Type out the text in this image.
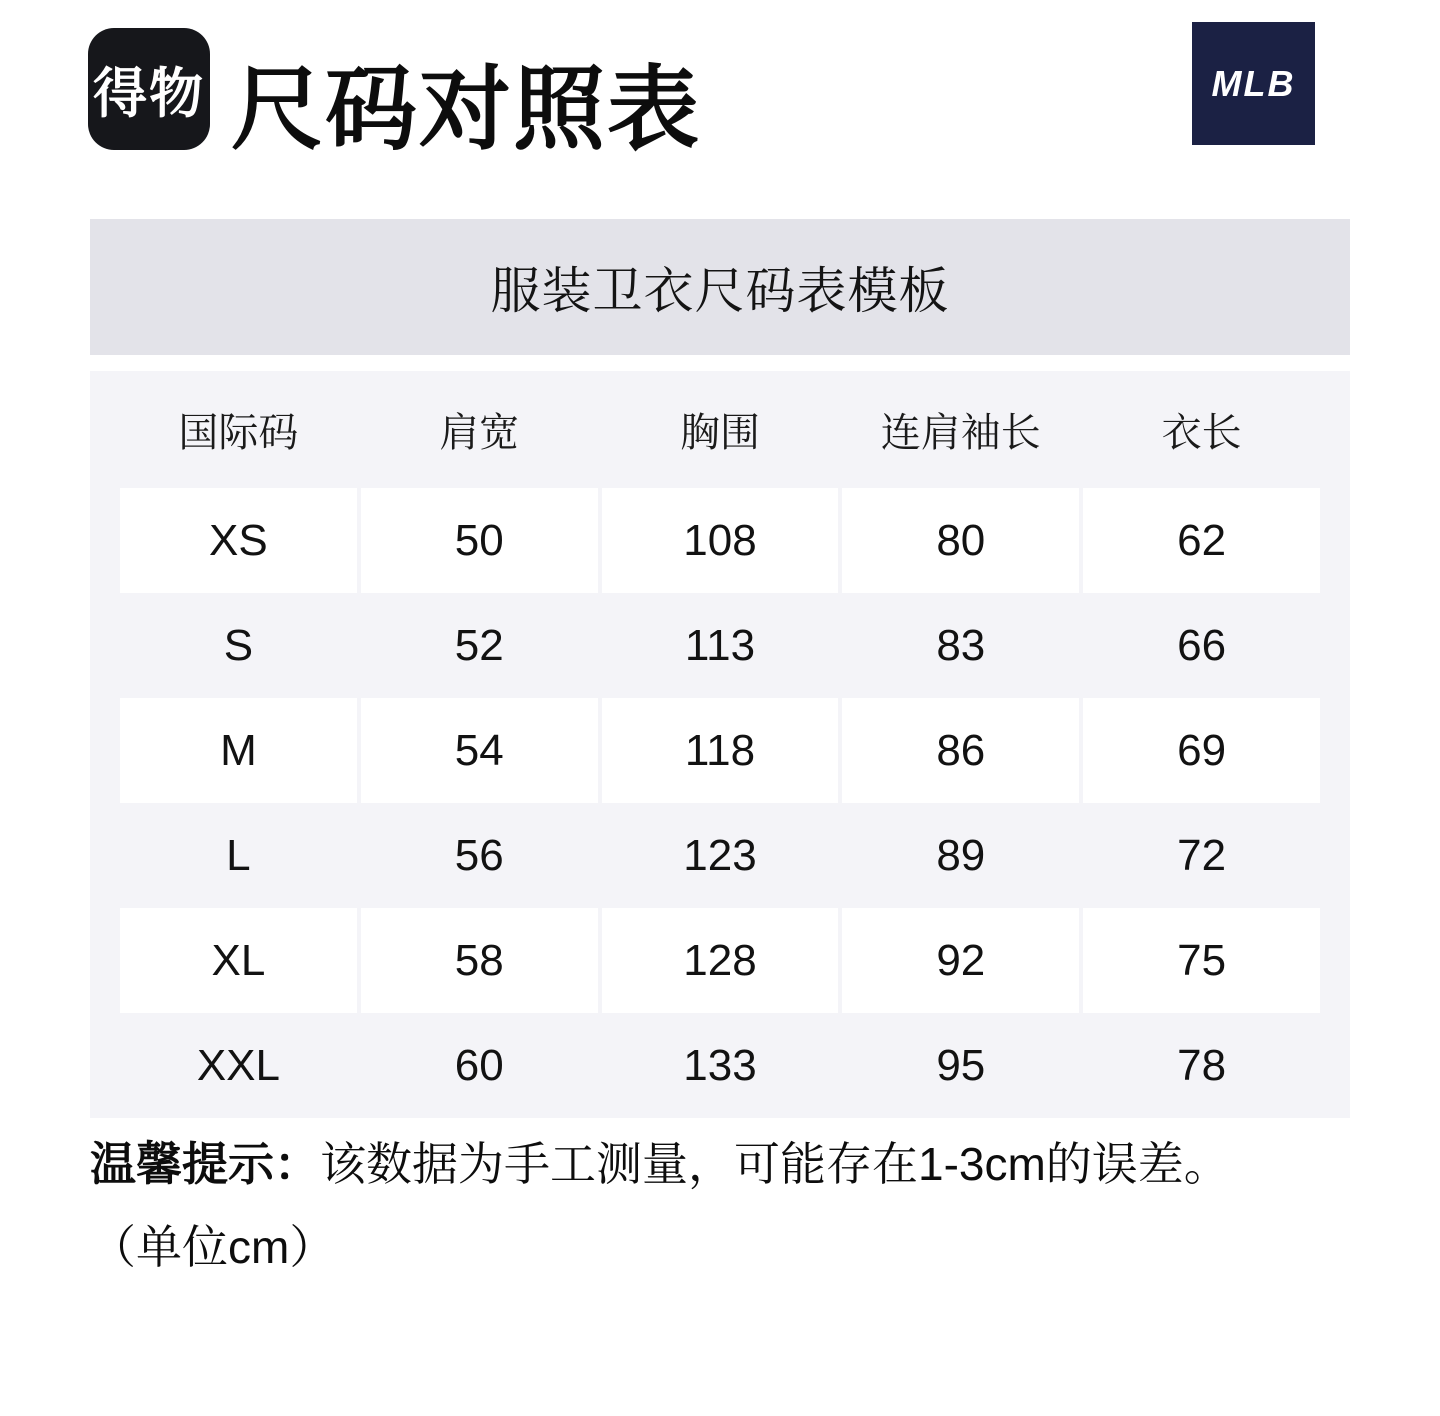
得物 尺码对照表	MLB
服装卫衣尺码表模板
国际码	肩宽	胸围	连肩袖长	衣长
XS	50	108	80	62
S	52	113	83	66
M	54	118	86	69
L	56	123	89	72
XL	58	128	92	75
XXL	60	133	95	78

温馨提示：该数据为手工测量，可能存在1-3cm的误差。

（单位cm）
